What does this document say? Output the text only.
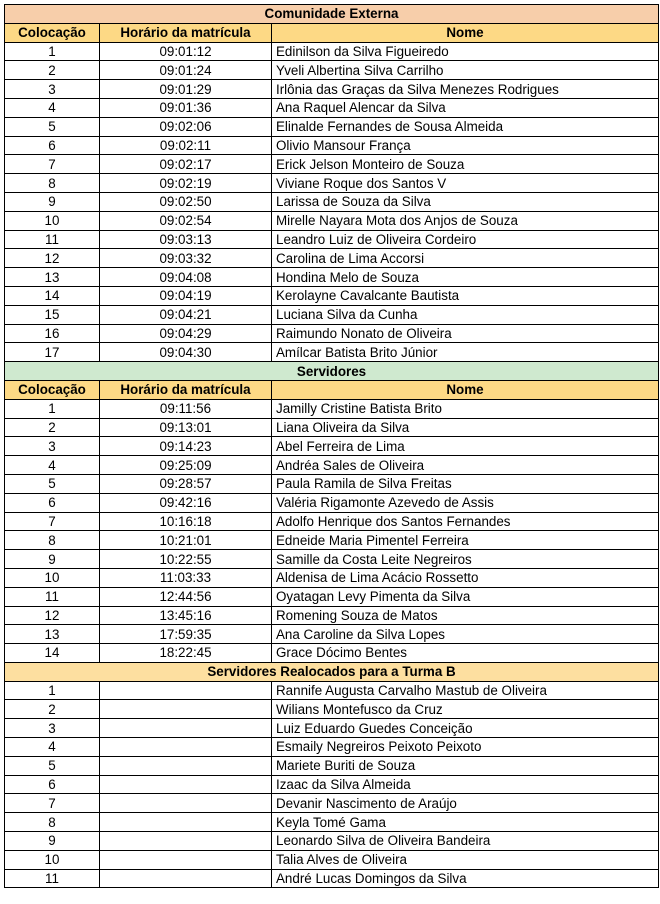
Comunidade Externa		
Colocação	Horário da matrícula	Nome
1	09:01:12	Edinilson da Silva Figueiredo
2	09:01:24	Yveli Albertina Silva Carrilho
3	09:01:29	Irlônia das Graças da Silva Menezes Rodrigues
4	09:01:36	Ana Raquel Alencar da Silva
5	09:02:06	Elinalde Fernandes de Sousa Almeida
6	09:02:11	Olivio Mansour França
7	09:02:17	Erick Jelson Monteiro de Souza
8	09:02:19	Viviane Roque dos Santos V
9	09:02:50	Larissa de Souza da Silva
10	09:02:54	Mirelle Nayara Mota dos Anjos de Souza
11	09:03:13	Leandro Luiz de Oliveira Cordeiro
12	09:03:32	Carolina de Lima Accorsi
13	09:04:08	Hondina Melo de Souza
14	09:04:19	Kerolayne Cavalcante Bautista
15	09:04:21	Luciana Silva da Cunha
16	09:04:29	Raimundo Nonato de Oliveira
17	09:04:30	Amílcar Batista Brito Júnior
Servidores		
Colocação	Horário da matrícula	Nome
1	09:11:56	Jamilly Cristine Batista Brito
2	09:13:01	Liana Oliveira da Silva
3	09:14:23	Abel Ferreira de Lima
4	09:25:09	Andréa Sales de Oliveira
5	09:28:57	Paula Ramila de Silva Freitas
6	09:42:16	Valéria Rigamonte Azevedo de Assis
7	10:16:18	Adolfo Henrique dos Santos Fernandes
8	10:21:01	Edneide Maria Pimentel Ferreira
9	10:22:55	Samille da Costa Leite Negreiros
10	11:03:33	Aldenisa de Lima Acácio Rossetto
11	12:44:56	Oyatagan Levy Pimenta da Silva
12	13:45:16	Romening Souza de Matos
13	17:59:35	Ana Caroline da Silva Lopes
14	18:22:45	Grace Dócimo Bentes
Servidores Realocados para a Turma B		
1		Rannife Augusta Carvalho Mastub de Oliveira
2		Wilians Montefusco da Cruz
3		Luiz Eduardo Guedes Conceição
4		Esmaily Negreiros Peixoto Peixoto
5		Mariete Buriti de Souza
6		Izaac da Silva Almeida
7		Devanir Nascimento de Araújo
8		Keyla Tomé Gama
9		Leonardo Silva de Oliveira Bandeira
10		Talia Alves de Oliveira
11		André Lucas Domingos da Silva
